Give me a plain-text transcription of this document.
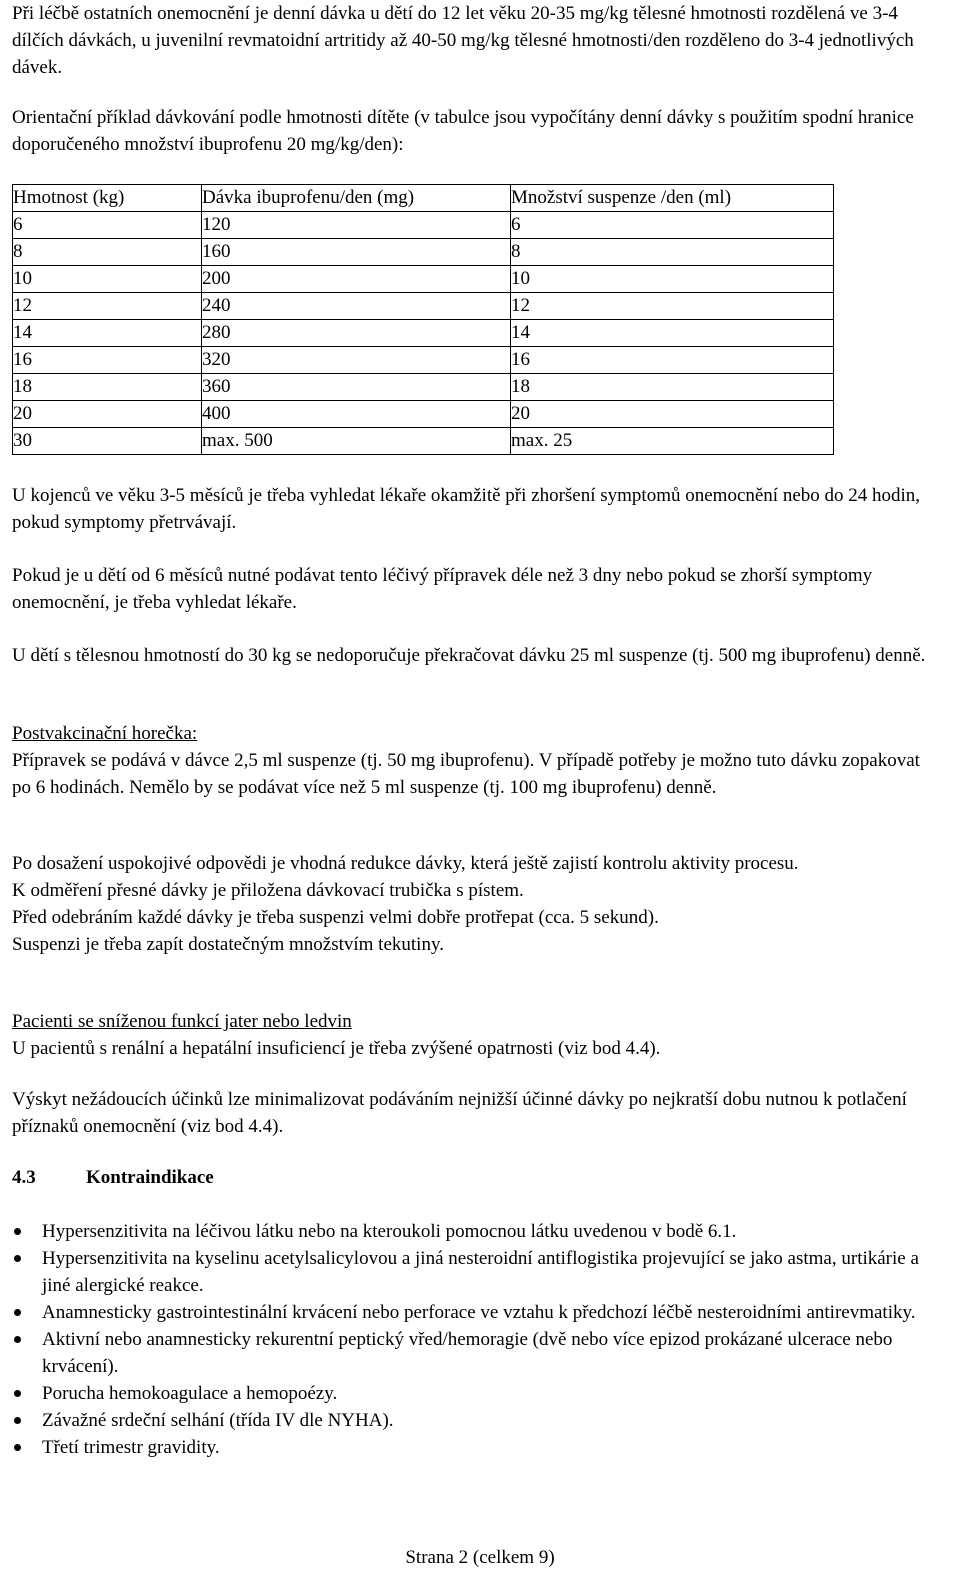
Při léčbě ostatních onemocnění je denní dávka u dětí do 12 let věku 20-35 mg/kg tělesné hmotnosti rozdělená ve 3-4 dílčích dávkách, u juvenilní revmatoidní artritidy až 40-50 mg/kg tělesné hmotnosti/den rozděleno do 3-4 jednotlivých dávek.

Orientační příklad dávkování podle hmotnosti dítěte (v tabulce jsou vypočítány denní dávky s použitím spodní hranice doporučeného množství ibuprofenu 20 mg/kg/den):

Hmotnost (kg)	Dávka ibuprofenu/den (mg)	Množství suspenze /den (ml)
6	120	6
8	160	8
10	200	10
12	240	12
14	280	14
16	320	16
18	360	18
20	400	20
30	max. 500	max. 25

U kojenců ve věku 3-5 měsíců je třeba vyhledat lékaře okamžitě při zhoršení symptomů onemocnění nebo do 24 hodin, pokud symptomy přetrvávají.

Pokud je u dětí od 6 měsíců nutné podávat tento léčivý přípravek déle než 3 dny nebo pokud se zhorší symptomy onemocnění, je třeba vyhledat lékaře.

U dětí s tělesnou hmotností do 30 kg se nedoporučuje překračovat dávku 25 ml suspenze (tj. 500 mg ibuprofenu) denně.

Postvakcinační horečka:

Přípravek se podává v dávce 2,5 ml suspenze (tj. 50 mg ibuprofenu). V případě potřeby je možno tuto dávku zopakovat po 6 hodinách. Nemělo by se podávat více než 5 ml suspenze (tj. 100 mg ibuprofenu) denně.

Po dosažení uspokojivé odpovědi je vhodná redukce dávky, která ještě zajistí kontrolu aktivity procesu.

K odměření přesné dávky je přiložena dávkovací trubička s pístem.

Před odebráním každé dávky je třeba suspenzi velmi dobře protřepat (cca. 5 sekund).

Suspenzi je třeba zapít dostatečným množstvím tekutiny.

Pacienti se sníženou funkcí jater nebo ledvin

U pacientů s renální a hepatální insuficiencí je třeba zvýšené opatrnosti (viz bod 4.4).

Výskyt nežádoucích účinků lze minimalizovat podáváním nejnižší účinné dávky po nejkratší dobu nutnou k potlačení příznaků onemocnění (viz bod 4.4).

4.3	Kontraindikace
Hypersenzitivita na léčivou látku nebo na kteroukoli pomocnou látku uvedenou v bodě 6.1.
Hypersenzitivita na kyselinu acetylsalicylovou a jiná nesteroidní antiflogistika projevující se jako astma, urtikárie a jiné alergické reakce.
Anamnesticky gastrointestinální krvácení nebo perforace ve vztahu k předchozí léčbě nesteroidními antirevmatiky.
Aktivní nebo anamnesticky rekurentní peptický vřed/hemoragie (dvě nebo více epizod prokázané ulcerace nebo krvácení).
Porucha hemokoagulace a hemopoézy.
Závažné srdeční selhání (třída IV dle NYHA).
Třetí trimestr gravidity.
Strana 2 (celkem 9)
